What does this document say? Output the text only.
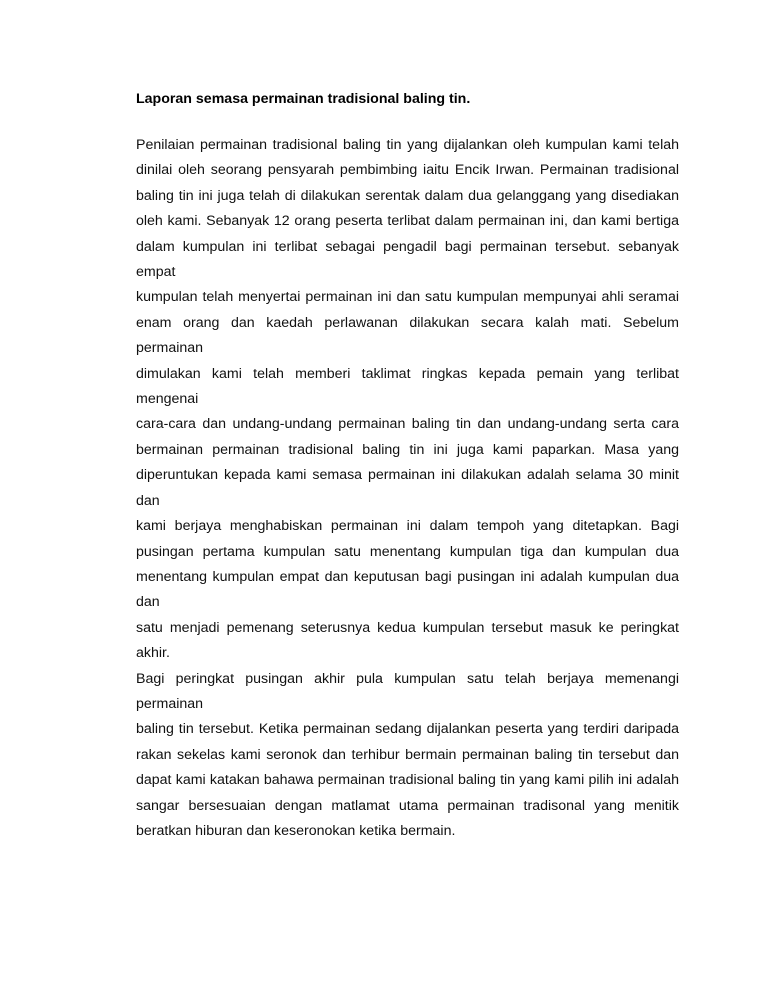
Laporan semasa permainan tradisional baling tin.
Penilaian permainan tradisional baling tin yang dijalankan oleh kumpulan kami telah
dinilai oleh seorang pensyarah pembimbing iaitu Encik Irwan. Permainan tradisional
baling tin ini juga telah di dilakukan serentak dalam dua gelanggang yang disediakan
oleh kami. Sebanyak 12 orang peserta terlibat dalam permainan ini, dan kami bertiga
dalam kumpulan ini terlibat sebagai pengadil bagi permainan tersebut. sebanyak empat
kumpulan telah menyertai permainan ini dan satu kumpulan mempunyai ahli seramai
enam orang dan kaedah perlawanan dilakukan secara kalah mati. Sebelum permainan
dimulakan kami telah memberi taklimat ringkas kepada pemain yang terlibat mengenai
cara-cara dan undang-undang permainan baling tin dan undang-undang serta cara
bermainan permainan tradisional baling tin ini juga kami paparkan. Masa yang
diperuntukan kepada kami semasa permainan ini dilakukan adalah selama 30 minit dan
kami berjaya menghabiskan permainan ini dalam tempoh yang ditetapkan. Bagi
pusingan pertama kumpulan satu menentang kumpulan tiga dan kumpulan dua
menentang kumpulan empat dan keputusan bagi pusingan ini adalah kumpulan dua dan
satu menjadi pemenang seterusnya kedua kumpulan tersebut masuk ke peringkat akhir.
Bagi peringkat pusingan akhir pula kumpulan satu telah berjaya memenangi permainan
baling tin tersebut. Ketika permainan sedang dijalankan peserta yang terdiri daripada
rakan sekelas kami seronok dan terhibur bermain permainan baling tin tersebut dan
dapat kami katakan bahawa permainan tradisional baling tin yang kami pilih ini adalah
sangar bersesuaian dengan matlamat utama permainan tradisonal yang menitik
beratkan hiburan dan keseronokan ketika bermain.
